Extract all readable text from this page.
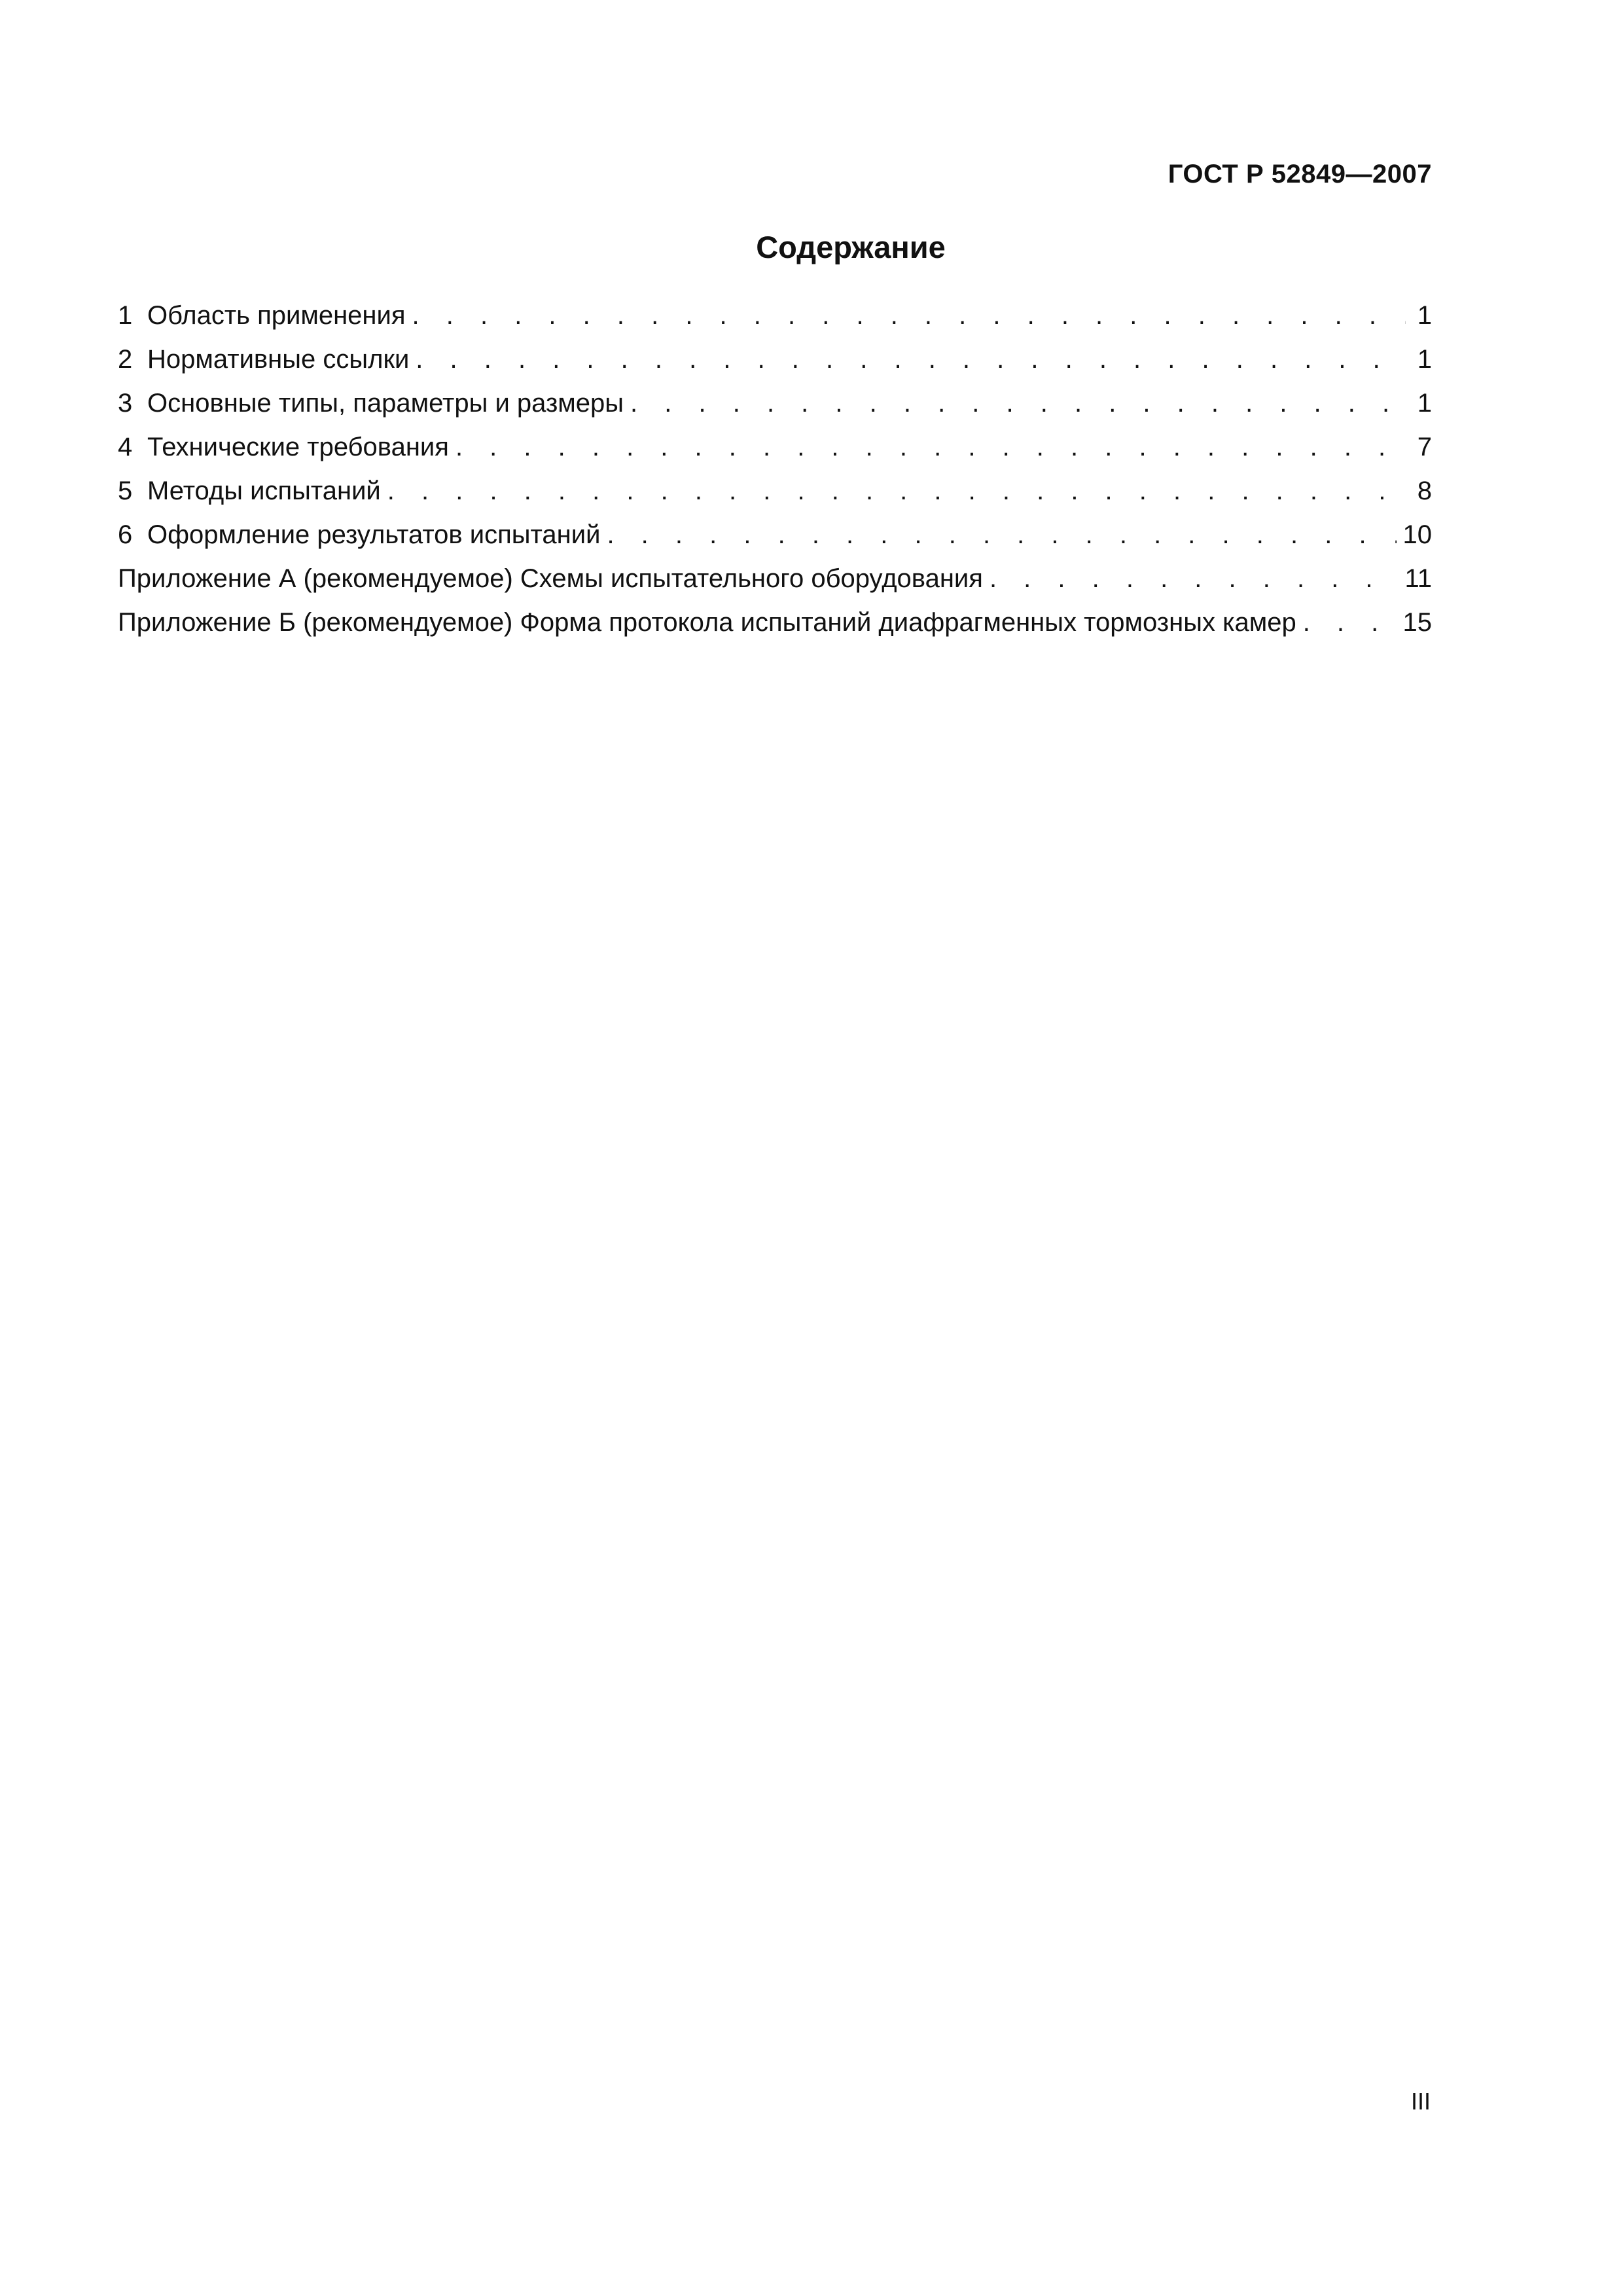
ГОСТ Р 52849—2007
Содержание
1 Область применения . . .	1
2 Нормативные ссылки . . .	1
3 Основные типы, параметры и размеры . . .	1
4 Технические требования . . .	7
5 Методы испытаний . . .	8
6 Оформление результатов испытаний . . .	10
Приложение А (рекомендуемое) Схемы испытательного оборудования . . .	11
Приложение Б (рекомендуемое) Форма протокола испытаний диафрагменных тормозных камер . . .	15
III
